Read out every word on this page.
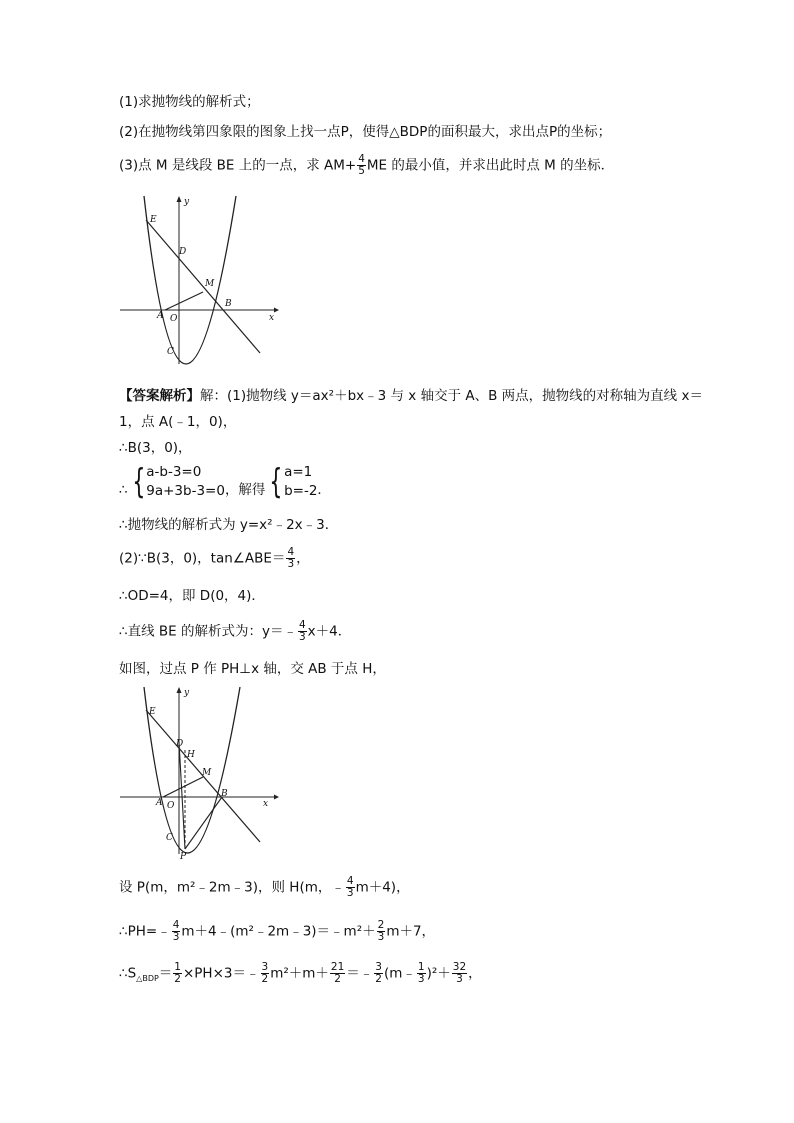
(1)求抛物线的解析式；
(2)在抛物线第四象限的图象上找一点P，使得△BDP的面积最大，求出点P的坐标；
(3)点 M 是线段 BE 上的一点，求 $AM+ \frac{4}{5}$ ME 的最小值，并求出此时点 M 的坐标．
y
x
E
D
M
B
A O
C
【答案解析】解：(1)抛物线 y＝ax²＋bx﹣3 与 x 轴交于 A、B 两点，抛物线的对称轴为直线 x＝
1，点 A(﹣1，0)，
∴B(3，0)，
∴ { a-b-3=0
9a+3b-3=0 ，解得 { a=1
b=-2 ．
∴抛物线的解析式为 y=x²﹣2x﹣3．
(2)∵B(3，0)，tan∠ABE＝ $\frac{4}{3}$ ，
∴OD=4，即 D(0，4)．
∴直线 BE 的解析式为：y＝﹣ $\frac{4}{3} x+4$．
如图，过点 P 作 PH⊥x 轴，交 AB 于点 H，
y
x
E
D
H
M
B
A O
C
P
设 P(m，m²﹣2m﹣3)，则 H(m，﹣ $\frac{4}{3} m+4$)，
∴PH=﹣ $\frac{4}{3}$ m＋4﹣(m²﹣2m﹣3)＝﹣m²＋ $\frac{2}{3} m+7$，
$\therefore S_{\triangle BDP}= \frac{1}{2}$ ×PH×3＝﹣ $\frac{3}{2} m^2+m+ \frac{21}{2}$ ＝﹣ $\frac{3}{2}$ (m﹣ $\frac{1}{3} )^2+ \frac{32}{3}$ ，
